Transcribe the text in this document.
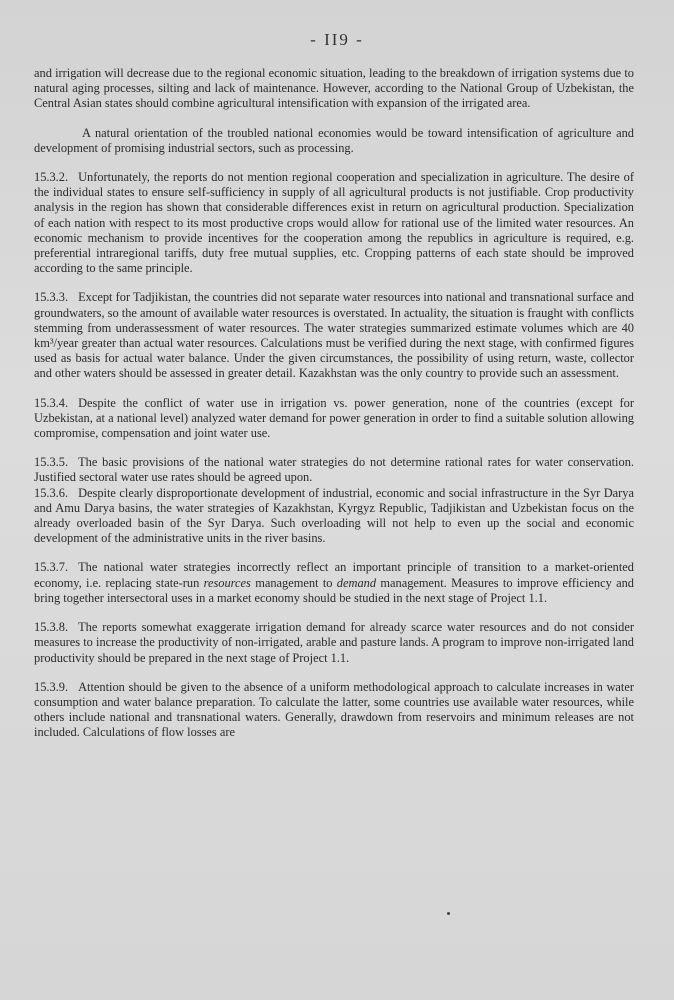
- II9 -

and irrigation will decrease due to the regional economic situation, leading to the breakdown of irrigation systems due to natural aging processes, silting and lack of maintenance. However, according to the National Group of Uzbekistan, the Central Asian states should combine agricultural intensification with expansion of the irrigated area.

A natural orientation of the troubled national economies would be toward intensification of agriculture and development of promising industrial sectors, such as processing.

15.3.2. Unfortunately, the reports do not mention regional cooperation and specialization in agriculture. The desire of the individual states to ensure self-sufficiency in supply of all agricultural products is not justifiable. Crop productivity analysis in the region has shown that considerable differences exist in return on agricultural production. Specialization of each nation with respect to its most productive crops would allow for rational use of the limited water resources. An economic mechanism to provide incentives for the cooperation among the republics in agriculture is required, e.g. preferential intraregional tariffs, duty free mutual supplies, etc. Cropping patterns of each state should be improved according to the same principle.

15.3.3. Except for Tadjikistan, the countries did not separate water resources into national and transnational surface and groundwaters, so the amount of available water resources is overstated. In actuality, the situation is fraught with conflicts stemming from underassessment of water resources. The water strategies summarized estimate volumes which are 40 km³/year greater than actual water resources. Calculations must be verified during the next stage, with confirmed figures used as basis for actual water balance. Under the given circumstances, the possibility of using return, waste, collector and other waters should be assessed in greater detail. Kazakhstan was the only country to provide such an assessment.

15.3.4. Despite the conflict of water use in irrigation vs. power generation, none of the countries (except for Uzbekistan, at a national level) analyzed water demand for power generation in order to find a suitable solution allowing compromise, compensation and joint water use.

15.3.5. The basic provisions of the national water strategies do not determine rational rates for water conservation. Justified sectoral water use rates should be agreed upon.

15.3.6. Despite clearly disproportionate development of industrial, economic and social infrastructure in the Syr Darya and Amu Darya basins, the water strategies of Kazakhstan, Kyrgyz Republic, Tadjikistan and Uzbekistan focus on the already overloaded basin of the Syr Darya. Such overloading will not help to even up the social and economic development of the administrative units in the river basins.

15.3.7. The national water strategies incorrectly reflect an important principle of transition to a market-oriented economy, i.e. replacing state-run resources management to demand management. Measures to improve efficiency and bring together intersectoral uses in a market economy should be studied in the next stage of Project 1.1.

15.3.8. The reports somewhat exaggerate irrigation demand for already scarce water resources and do not consider measures to increase the productivity of non-irrigated, arable and pasture lands. A program to improve non-irrigated land productivity should be prepared in the next stage of Project 1.1.

15.3.9. Attention should be given to the absence of a uniform methodological approach to calculate increases in water consumption and water balance preparation. To calculate the latter, some countries use available water resources, while others include national and transnational waters. Generally, drawdown from reservoirs and minimum releases are not included. Calculations of flow losses are
